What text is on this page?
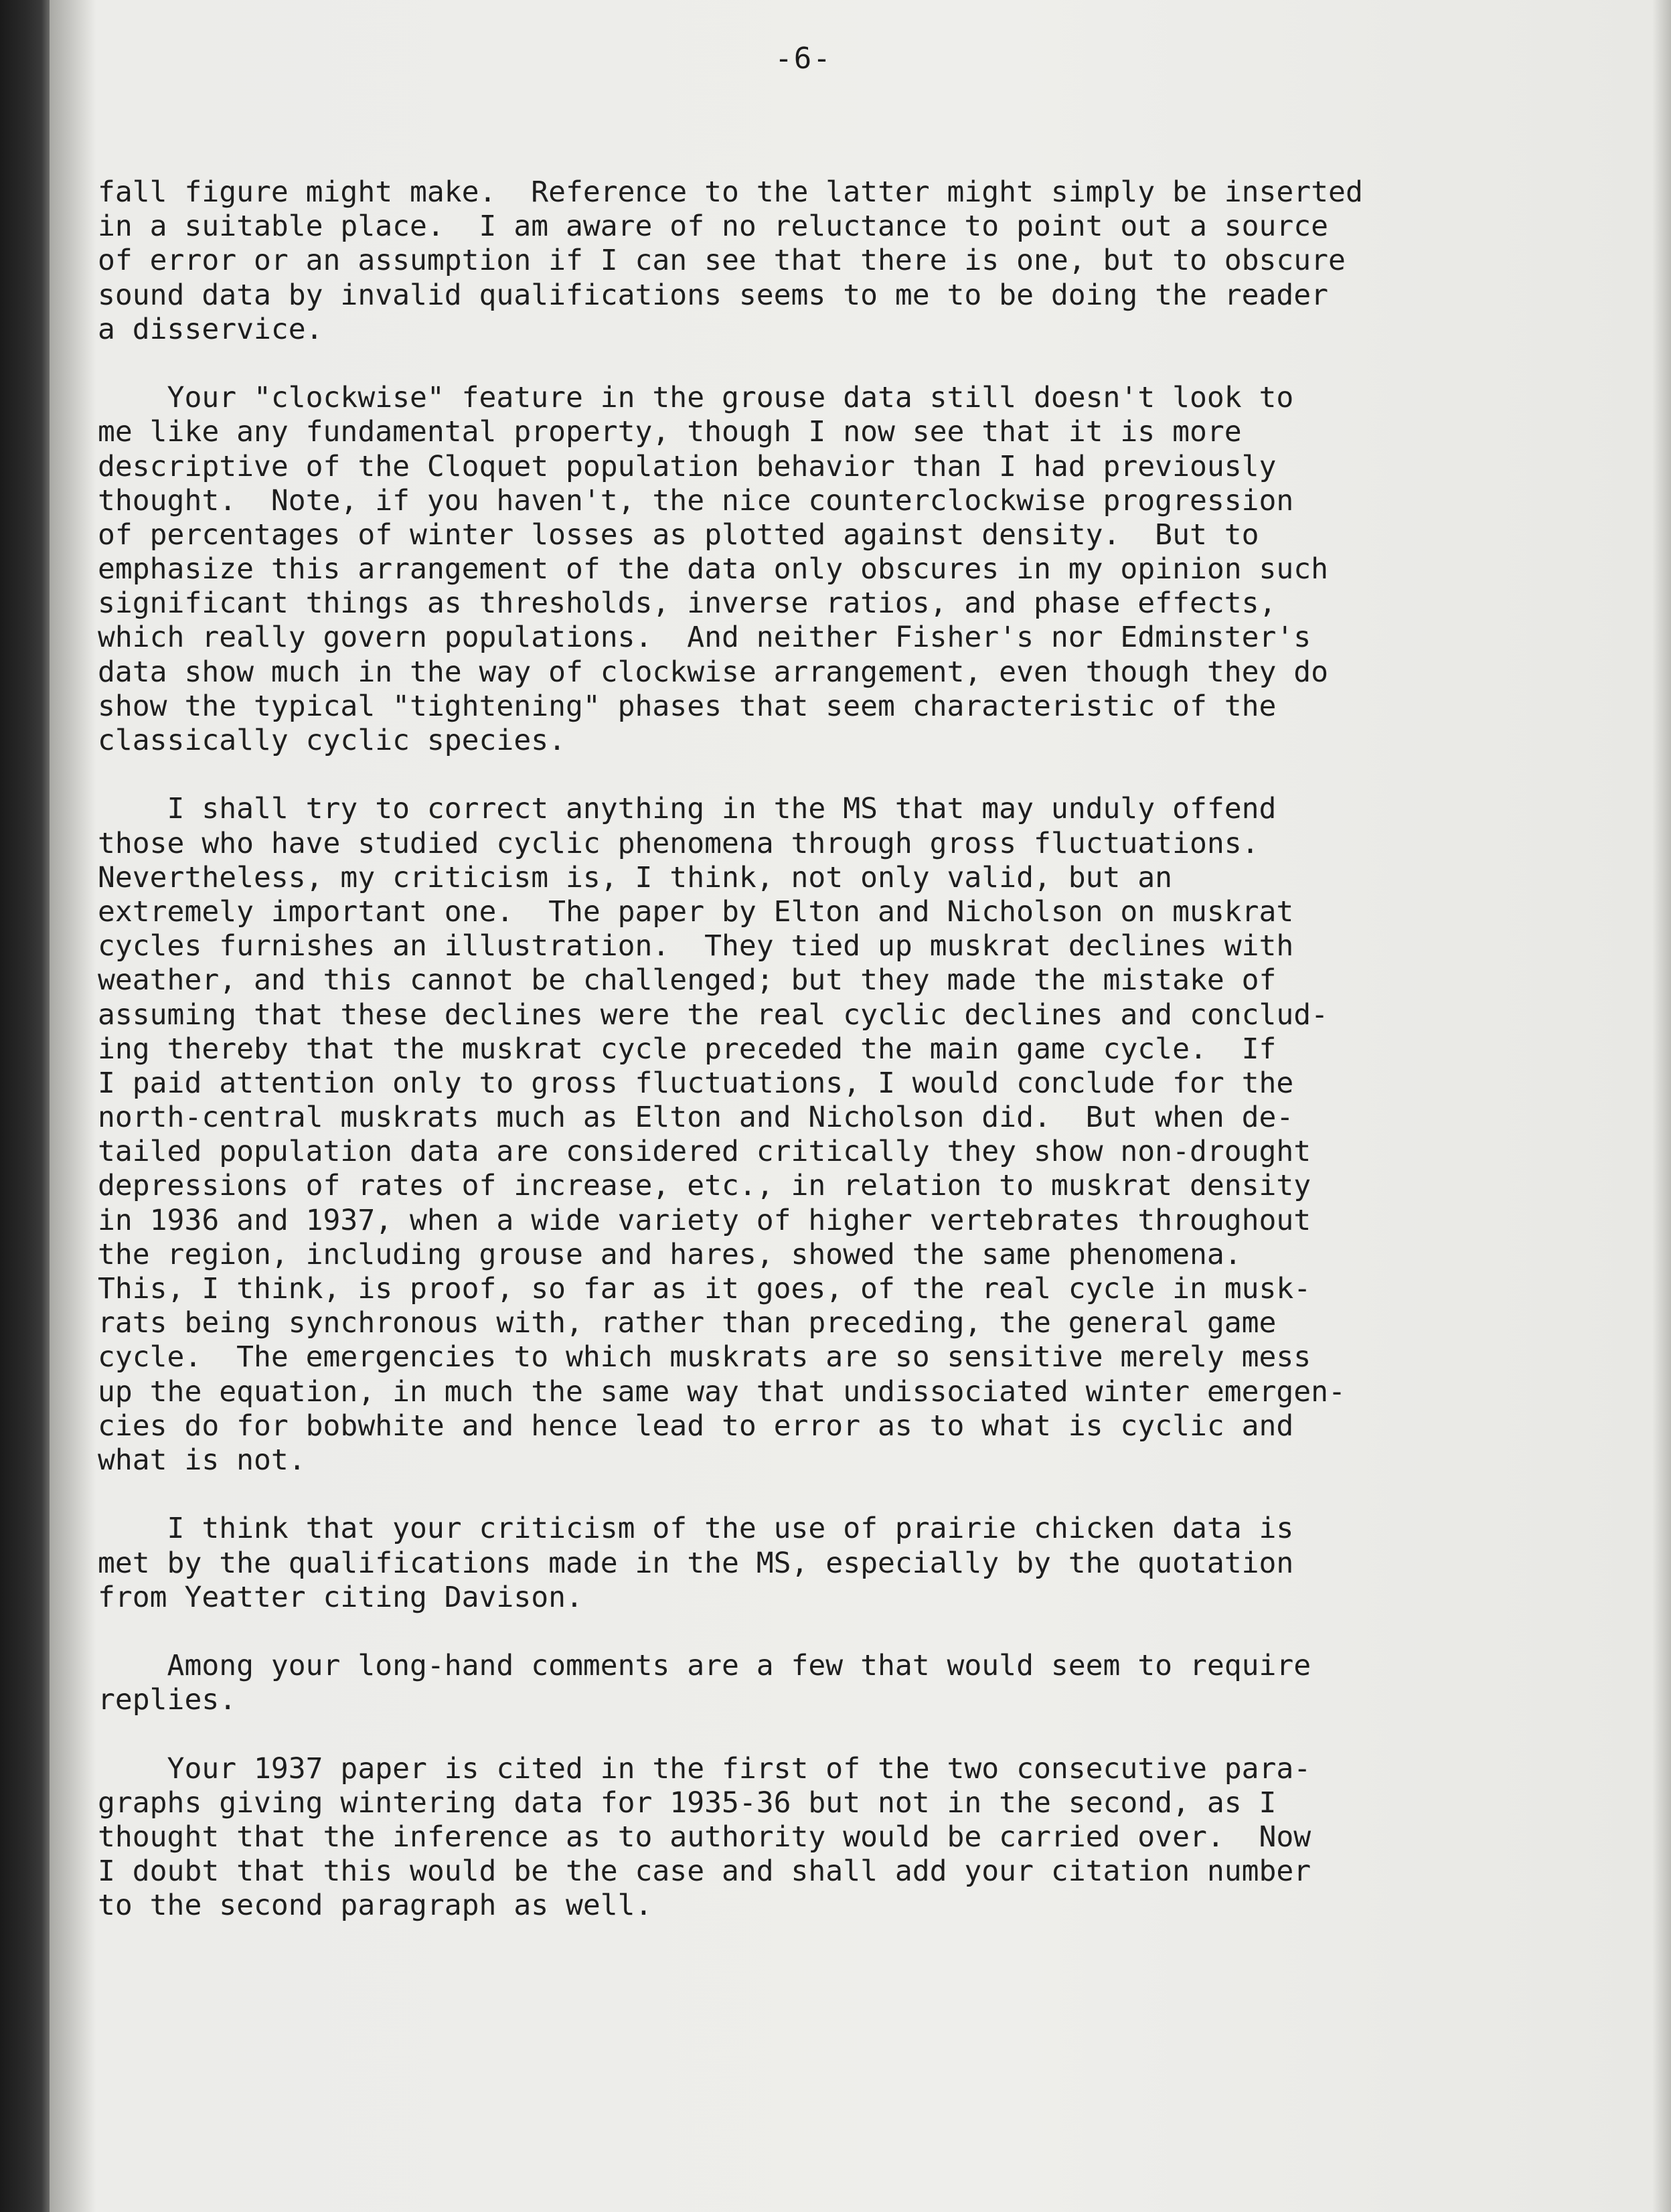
-6-
fall figure might make.  Reference to the latter might simply be inserted
in a suitable place.  I am aware of no reluctance to point out a source
of error or an assumption if I can see that there is one, but to obscure
sound data by invalid qualifications seems to me to be doing the reader
a disservice.
Your "clockwise" feature in the grouse data still doesn't look to
me like any fundamental property, though I now see that it is more
descriptive of the Cloquet population behavior than I had previously
thought.  Note, if you haven't, the nice counterclockwise progression
of percentages of winter losses as plotted against density.  But to
emphasize this arrangement of the data only obscures in my opinion such
significant things as thresholds, inverse ratios, and phase effects,
which really govern populations.  And neither Fisher's nor Edminster's
data show much in the way of clockwise arrangement, even though they do
show the typical "tightening" phases that seem characteristic of the
classically cyclic species.
I shall try to correct anything in the MS that may unduly offend
those who have studied cyclic phenomena through gross fluctuations.
Nevertheless, my criticism is, I think, not only valid, but an
extremely important one.  The paper by Elton and Nicholson on muskrat
cycles furnishes an illustration.  They tied up muskrat declines with
weather, and this cannot be challenged; but they made the mistake of
assuming that these declines were the real cyclic declines and conclud-
ing thereby that the muskrat cycle preceded the main game cycle.  If
I paid attention only to gross fluctuations, I would conclude for the
north-central muskrats much as Elton and Nicholson did.  But when de-
tailed population data are considered critically they show non-drought
depressions of rates of increase, etc., in relation to muskrat density
in 1936 and 1937, when a wide variety of higher vertebrates throughout
the region, including grouse and hares, showed the same phenomena.
This, I think, is proof, so far as it goes, of the real cycle in musk-
rats being synchronous with, rather than preceding, the general game
cycle.  The emergencies to which muskrats are so sensitive merely mess
up the equation, in much the same way that undissociated winter emergen-
cies do for bobwhite and hence lead to error as to what is cyclic and
what is not.
I think that your criticism of the use of prairie chicken data is
met by the qualifications made in the MS, especially by the quotation
from Yeatter citing Davison.
Among your long-hand comments are a few that would seem to require
replies.
Your 1937 paper is cited in the first of the two consecutive para-
graphs giving wintering data for 1935-36 but not in the second, as I
thought that the inference as to authority would be carried over.  Now
I doubt that this would be the case and shall add your citation number
to the second paragraph as well.
